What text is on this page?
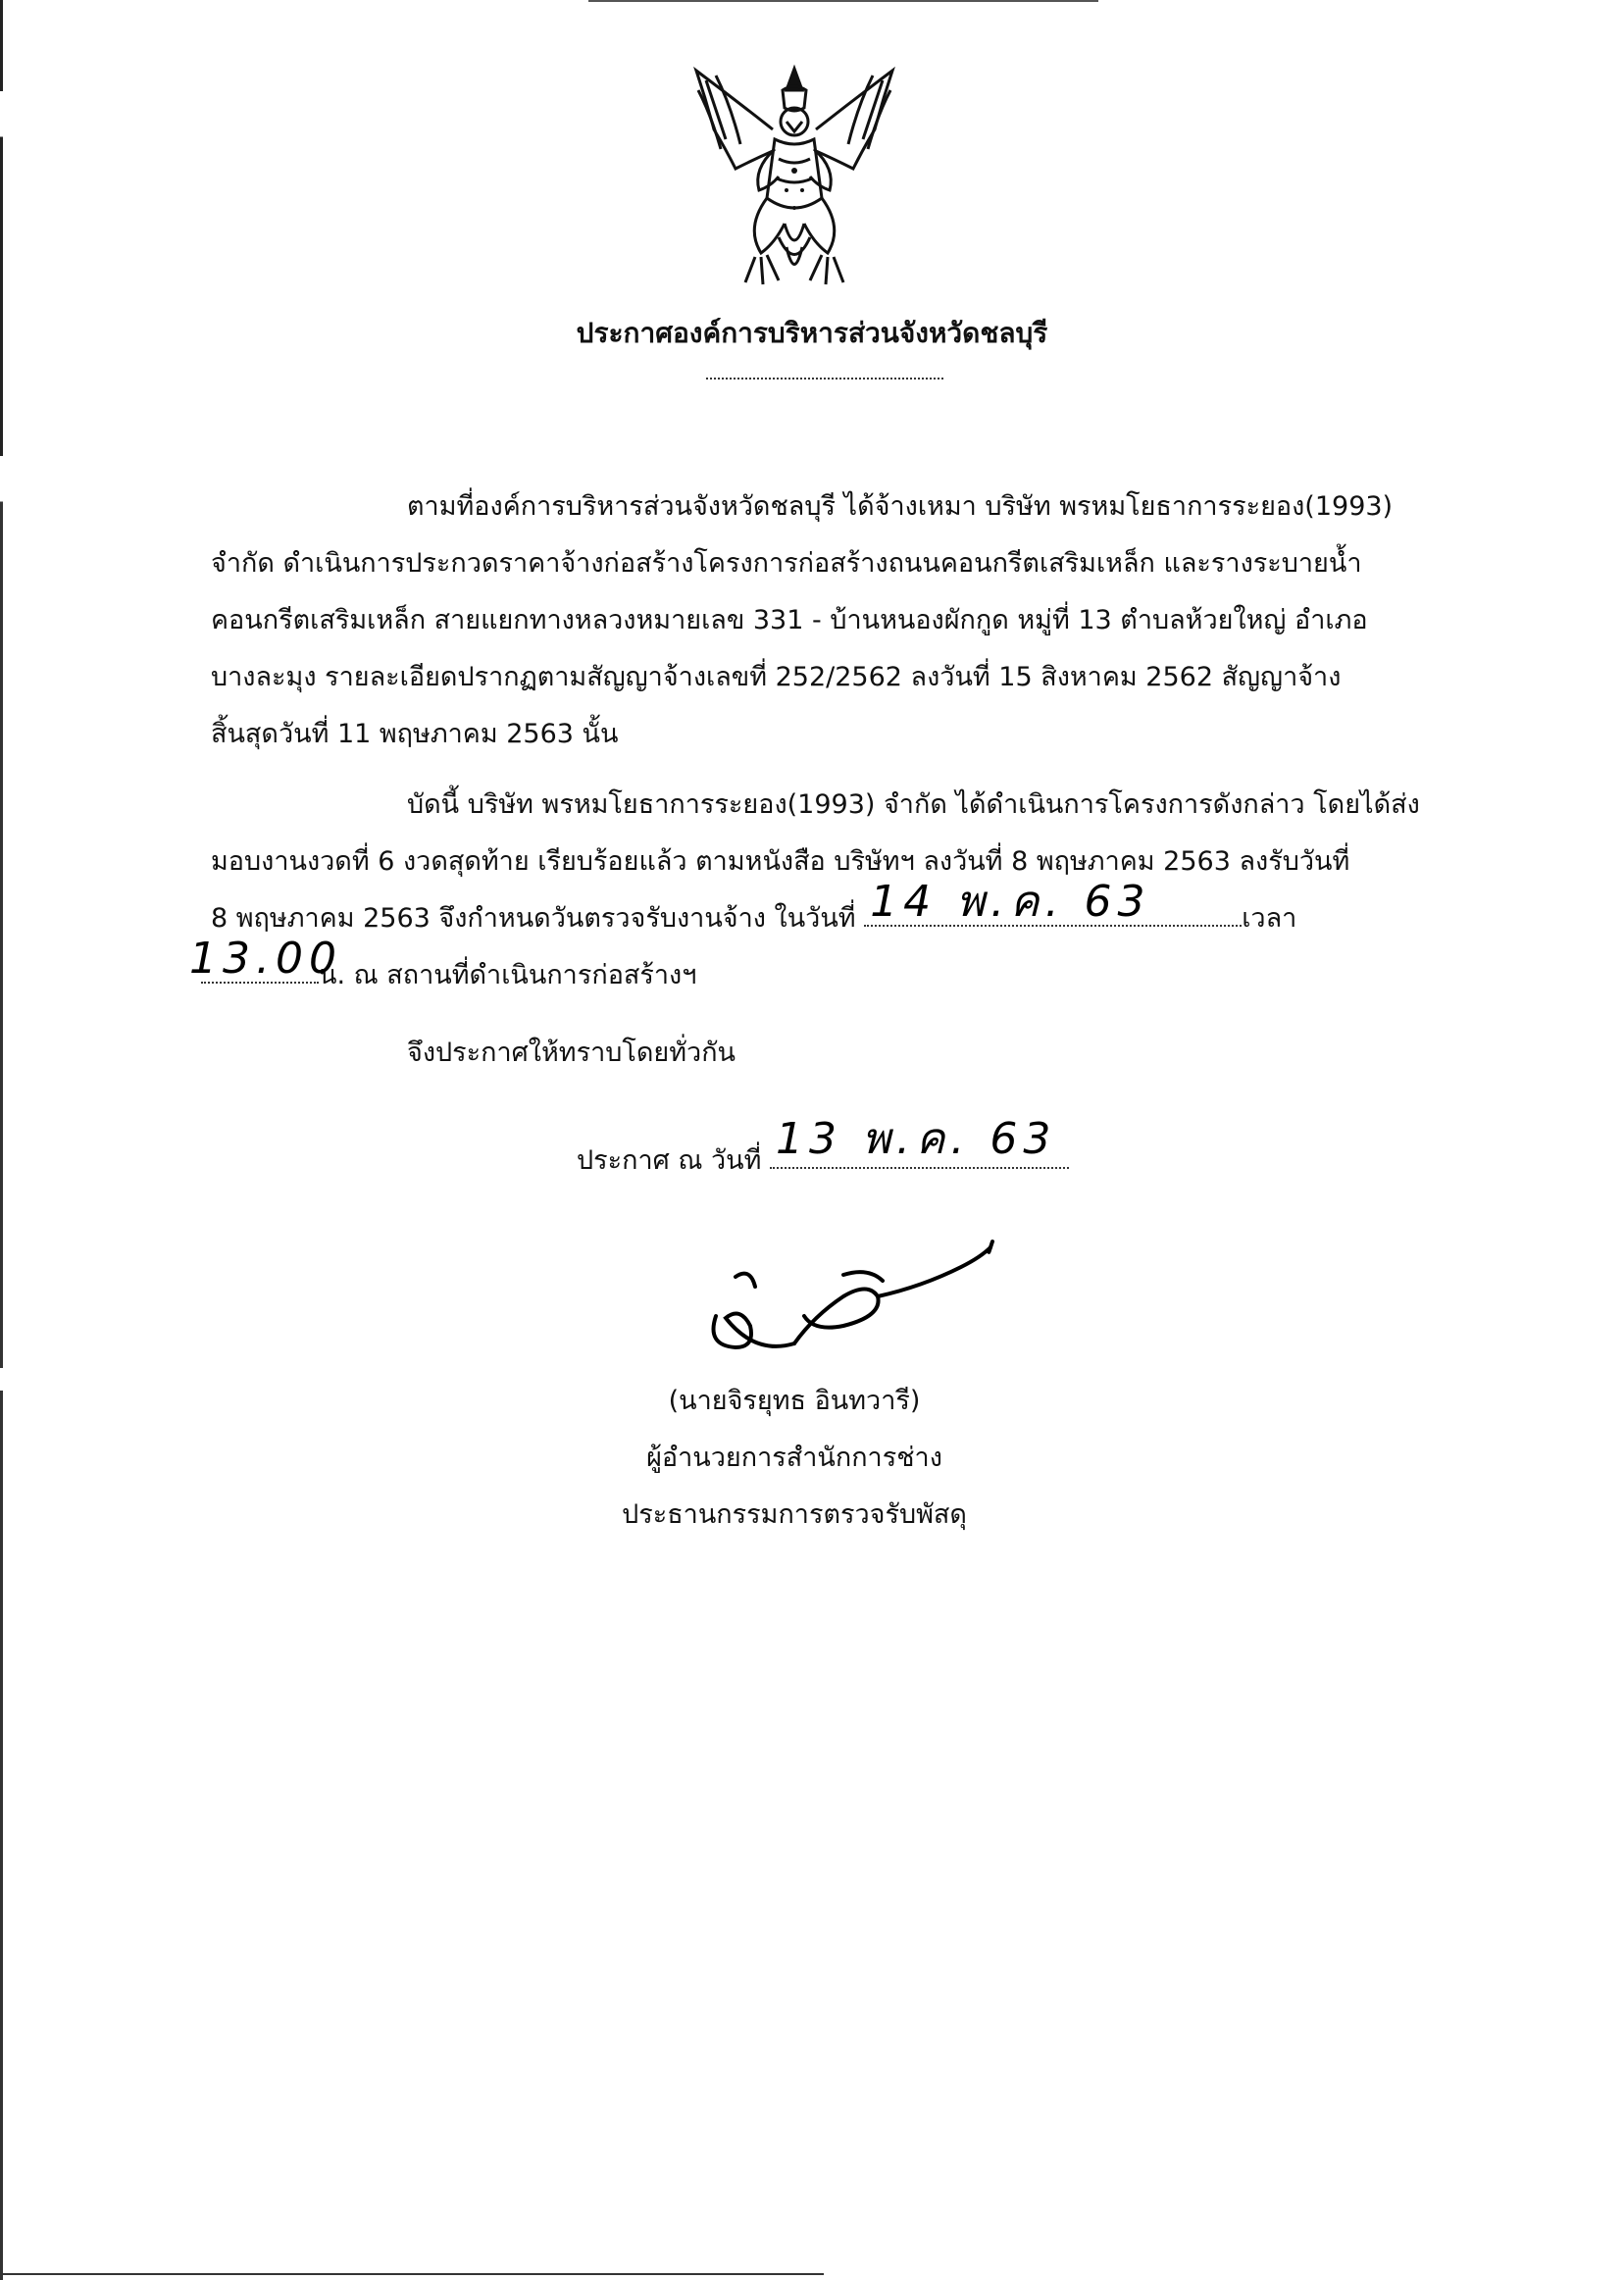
ประกาศองค์การบริหารส่วนจังหวัดชลบุรี
ตามที่องค์การบริหารส่วนจังหวัดชลบุรี ได้จ้างเหมา บริษัท พรหมโยธาการระยอง(1993)
จำกัด ดำเนินการประกวดราคาจ้างก่อสร้างโครงการก่อสร้างถนนคอนกรีตเสริมเหล็ก และรางระบายน้ำ
คอนกรีตเสริมเหล็ก สายแยกทางหลวงหมายเลข 331 - บ้านหนองผักกูด หมู่ที่ 13 ตำบลห้วยใหญ่ อำเภอ
บางละมุง รายละเอียดปรากฏตามสัญญาจ้างเลขที่ 252/2562 ลงวันที่ 15 สิงหาคม 2562 สัญญาจ้าง
สิ้นสุดวันที่ 11 พฤษภาคม 2563 นั้น
บัดนี้ บริษัท พรหมโยธาการระยอง(1993) จำกัด ได้ดำเนินการโครงการดังกล่าว โดยได้ส่ง
มอบงานงวดที่ 6 งวดสุดท้าย เรียบร้อยแล้ว ตามหนังสือ บริษัทฯ ลงวันที่ 8 พฤษภาคม 2563 ลงรับวันที่
8 พฤษภาคม 2563 จึงกำหนดวันตรวจรับงานจ้าง ในวันที่ 14 พ.ค. 63	เวลา
13.00
น. ณ สถานที่ดำเนินการก่อสร้างฯ
จึงประกาศให้ทราบโดยทั่วกัน
ประกาศ ณ วันที่ 13 พ.ค. 63
(นายจิรยุทธ อินทวารี)
ผู้อำนวยการสำนักการช่าง
ประธานกรรมการตรวจรับพัสดุ
